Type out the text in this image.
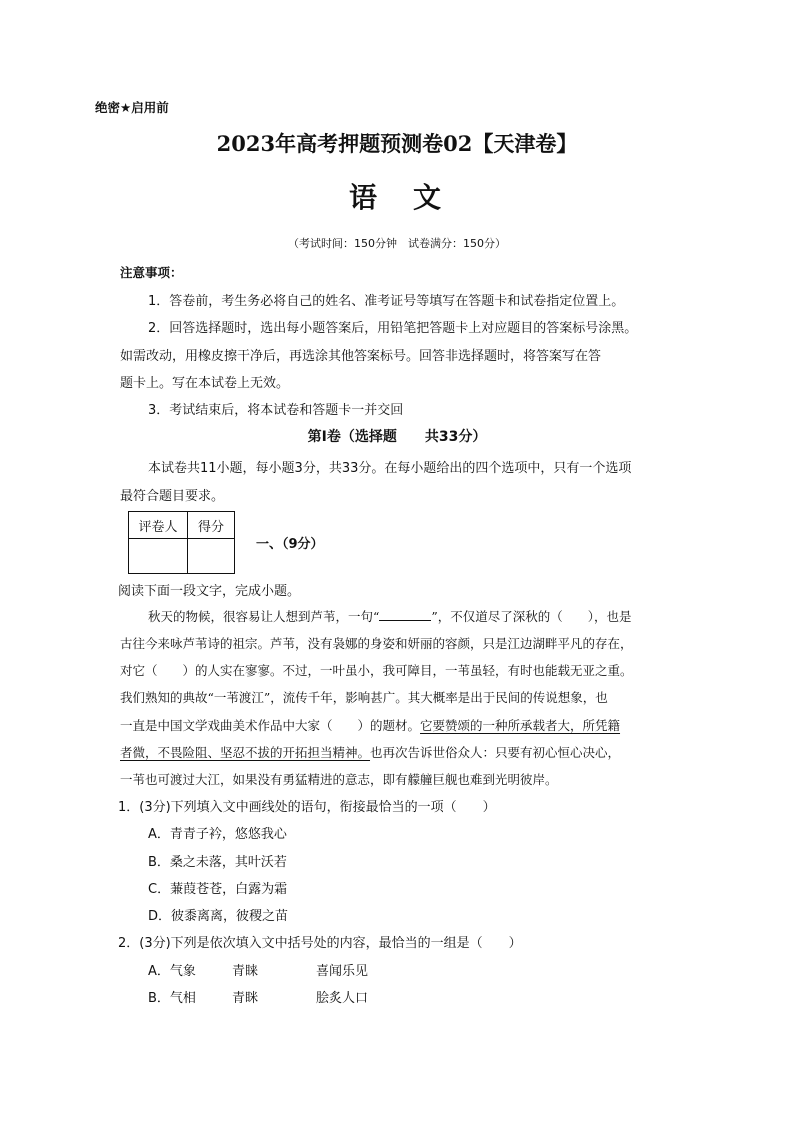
绝密★启用前
2023年高考押题预测卷02【天津卷】
语　文
（考试时间：150分钟　试卷满分：150分）
注意事项：
1．答卷前，考生务必将自己的姓名、准考证号等填写在答题卡和试卷指定位置上。
2．回答选择题时，选出每小题答案后，用铅笔把答题卡上对应题目的答案标号涂黑。
如需改动，用橡皮擦干净后，再选涂其他答案标号。回答非选择题时，将答案写在答
题卡上。写在本试卷上无效。
3．考试结束后，将本试卷和答题卡一并交回
第Ⅰ卷（选择题　　共33分）
本试卷共11小题，每小题3分，共33分。在每小题给出的四个选项中，只有一个选项
最符合题目要求。
评卷人	得分

一、（9分）
阅读下面一段文字，完成小题。
秋天的物候，很容易让人想到芦苇，一句“	”，不仅道尽了深秋的（　　），也是
古往今来咏芦苇诗的祖宗。芦苇，没有袅娜的身姿和妍丽的容颜，只是江边湖畔平凡的存在，
对它（　　）的人实在寥寥。不过，一叶虽小，我可障目，一苇虽轻，有时也能载无亚之重。
我们熟知的典故“一苇渡江”，流传千年，影响甚广。其大概率是出于民间的传说想象，也
一直是中国文学戏曲美术作品中大家（　　）的题材。它要赞颂的一种所承载者大，所凭籍
者微，不畏险阻、坚忍不拔的开拓担当精神。也再次告诉世俗众人：只要有初心恒心决心，
一苇也可渡过大江，如果没有勇猛精进的意志，即有艨艟巨舰也难到光明彼岸。
1．(3分)下列填入文中画线处的语句，衔接最恰当的一项（　　）
A．青青子衿，悠悠我心
B．桑之未落，其叶沃若
C．蒹葭苍苍，白露为霜
D．彼黍离离，彼稷之苗
2．(3分)下列是依次填入文中括号处的内容，最恰当的一组是（　　）
A．气象	青睐	喜闻乐见
B．气相	青眯	脍炙人口
